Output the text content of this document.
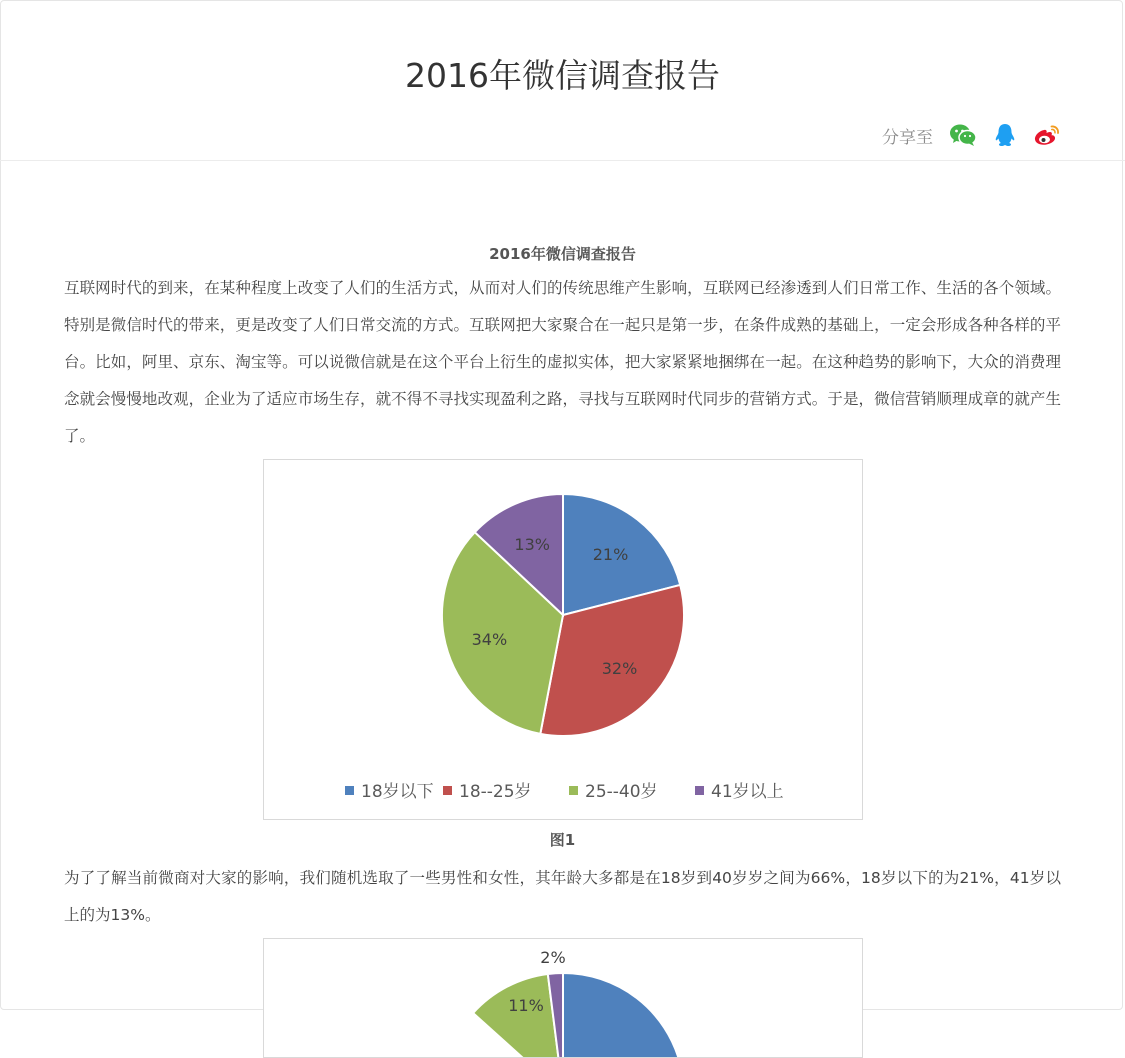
2016年微信调查报告
分享至

2016年微信调查报告

互联网时代的到来，在某种程度上改变了人们的生活方式，从而对人们的传统思维产生影响，互联网已经渗透到人们日常工作、生活的各个领域。特别是微信时代的带来，更是改变了人们日常交流的方式。互联网把大家聚合在一起只是第一步，在条件成熟的基础上，一定会形成各种各样的平台。比如，阿里、京东、淘宝等。可以说微信就是在这个平台上衍生的虚拟实体，把大家紧紧地捆绑在一起。在这种趋势的影响下，大众的消费理念就会慢慢地改观，企业为了适应市场生存，就不得不寻找实现盈利之路，寻找与互联网时代同步的营销方式。于是，微信营销顺理成章的就产生了。

21%
32%
34%
13%
18岁以下 18--25岁	25--40岁	41岁以上

图1

为了了解当前微商对大家的影响，我们随机选取了一些男性和女性，其年龄大多都是在18岁到40岁岁之间为66%，18岁以下的为21%，41岁以上的为13%。

2%
11%
